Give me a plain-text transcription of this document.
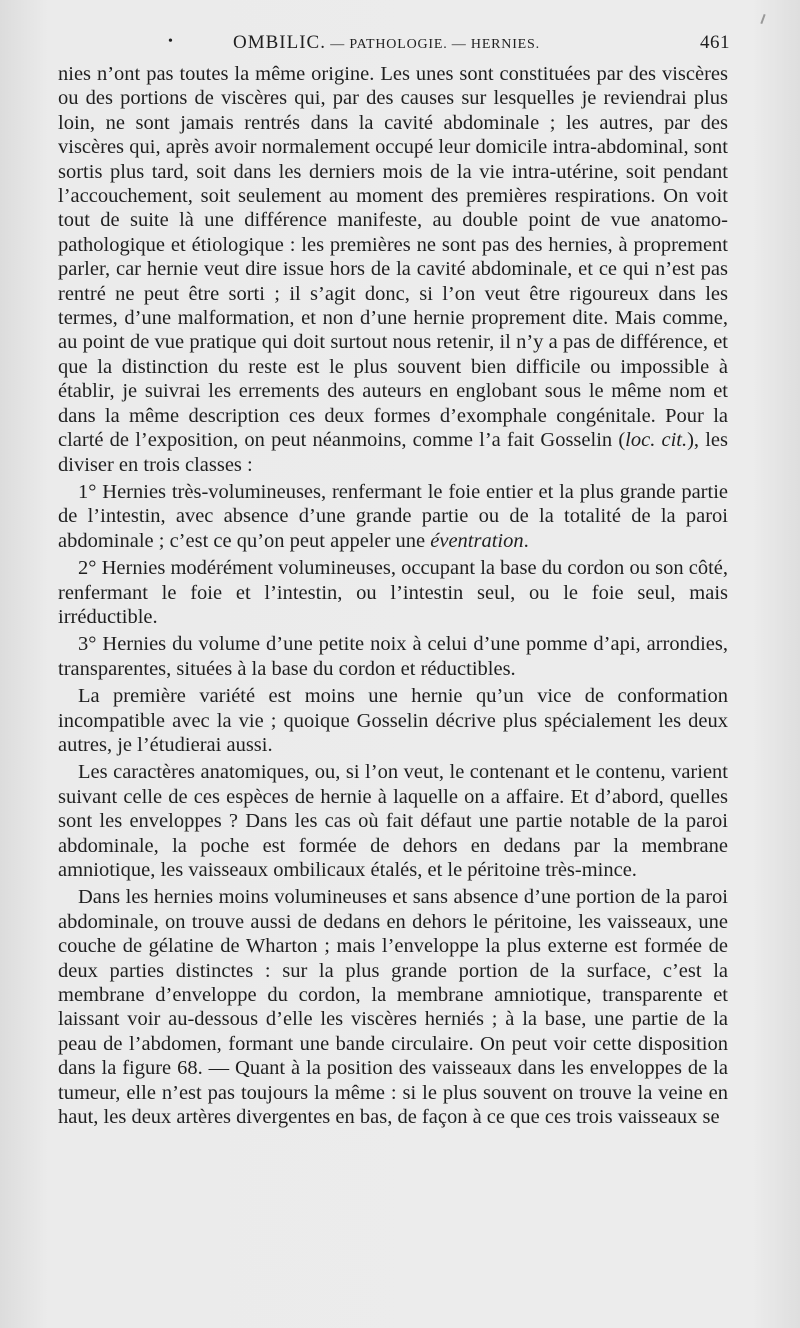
•	OMBILIC. — PATHOLOGIE. — HERNIES.	461

nies n’ont pas toutes la même origine. Les unes sont constituées par des viscères ou des portions de viscères qui, par des causes sur lesquelles je reviendrai plus loin, ne sont jamais rentrés dans la cavité abdominale ; les autres, par des viscères qui, après avoir normalement occupé leur domicile intra-abdominal, sont sortis plus tard, soit dans les derniers mois de la vie intra-utérine, soit pendant l’accouchement, soit seulement au moment des premières respirations. On voit tout de suite là une différence manifeste, au double point de vue anatomo-pathologique et étiologique : les premières ne sont pas des hernies, à proprement parler, car hernie veut dire issue hors de la cavité abdominale, et ce qui n’est pas rentré ne peut être sorti ; il s’agit donc, si l’on veut être rigoureux dans les termes, d’une malformation, et non d’une hernie proprement dite. Mais comme, au point de vue pratique qui doit surtout nous retenir, il n’y a pas de différence, et que la distinction du reste est le plus souvent bien difficile ou impossible à établir, je suivrai les errements des auteurs en englobant sous le même nom et dans la même description ces deux formes d’exomphale congénitale. Pour la clarté de l’exposition, on peut néanmoins, comme l’a fait Gosselin (loc. cit.), les diviser en trois classes :

1° Hernies très-volumineuses, renfermant le foie entier et la plus grande partie de l’intestin, avec absence d’une grande partie ou de la totalité de la paroi abdominale ; c’est ce qu’on peut appeler une éventration.

2° Hernies modérément volumineuses, occupant la base du cordon ou son côté, renfermant le foie et l’intestin, ou l’intestin seul, ou le foie seul, mais irréductible.

3° Hernies du volume d’une petite noix à celui d’une pomme d’api, arrondies, transparentes, situées à la base du cordon et réductibles.

La première variété est moins une hernie qu’un vice de conformation incompatible avec la vie ; quoique Gosselin décrive plus spécialement les deux autres, je l’étudierai aussi.

Les caractères anatomiques, ou, si l’on veut, le contenant et le contenu, varient suivant celle de ces espèces de hernie à laquelle on a affaire. Et d’abord, quelles sont les enveloppes ? Dans les cas où fait défaut une partie notable de la paroi abdominale, la poche est formée de dehors en dedans par la membrane amniotique, les vaisseaux ombilicaux étalés, et le péritoine très-mince.

Dans les hernies moins volumineuses et sans absence d’une portion de la paroi abdominale, on trouve aussi de dedans en dehors le péritoine, les vaisseaux, une couche de gélatine de Wharton ; mais l’enveloppe la plus externe est formée de deux parties distinctes : sur la plus grande portion de la surface, c’est la membrane d’enveloppe du cordon, la membrane amniotique, transparente et laissant voir au-dessous d’elle les viscères herniés ; à la base, une partie de la peau de l’abdomen, formant une bande circulaire. On peut voir cette disposition dans la figure 68. — Quant à la position des vaisseaux dans les enveloppes de la tumeur, elle n’est pas toujours la même : si le plus souvent on trouve la veine en haut, les deux artères divergentes en bas, de façon à ce que ces trois vaisseaux se
